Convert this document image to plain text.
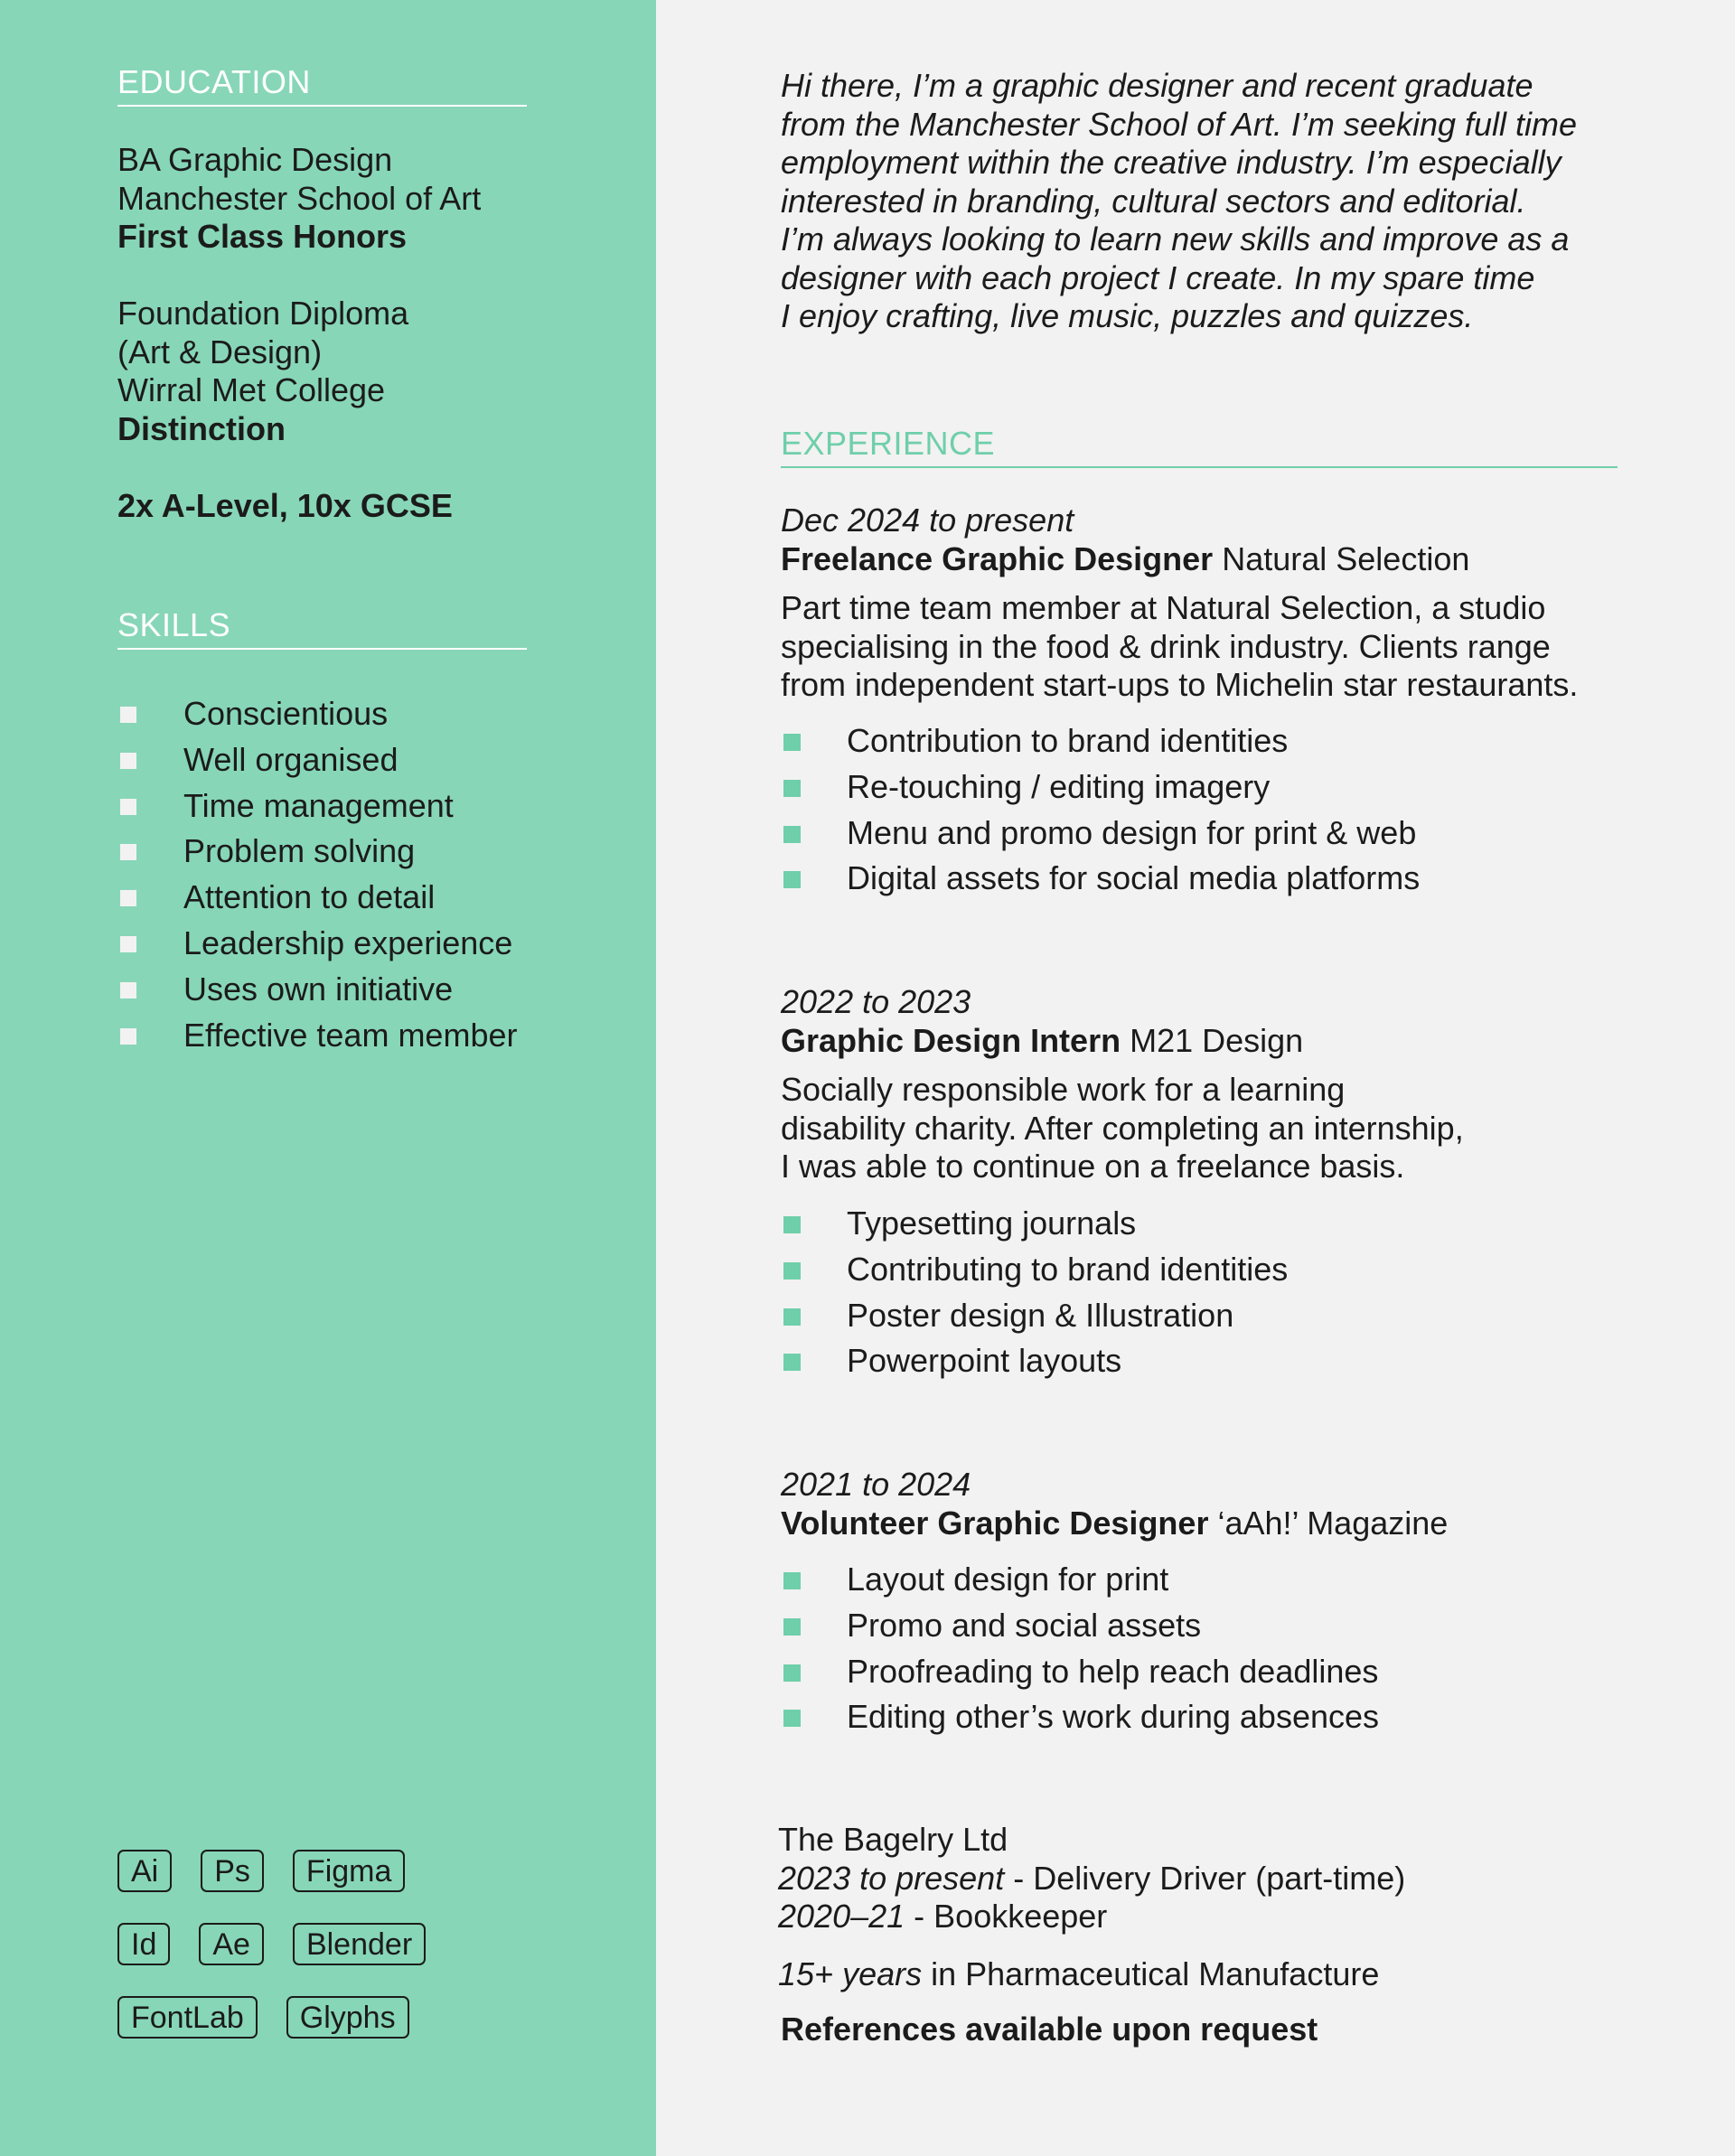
EDUCATION
BA Graphic Design
Manchester School of Art
First Class Honors
Foundation Diploma
(Art & Design)
Wirral Met College
Distinction
2x A-Level, 10x GCSE
SKILLS
Conscientious
Well organised
Time management
Problem solving
Attention to detail
Leadership experience
Uses own initiative
Effective team member
Ai	Ps	Figma
Id	Ae	Blender
FontLab	Glyphs
Hi there, I’m a graphic designer and recent graduate
from the Manchester School of Art. I’m seeking full time
employment within the creative industry. I’m especially
interested in branding, cultural sectors and editorial.
I’m always looking to learn new skills and improve as a
designer with each project I create. In my spare time
I enjoy crafting, live music, puzzles and quizzes.
EXPERIENCE
Dec 2024 to present
Freelance Graphic Designer Natural Selection
Part time team member at Natural Selection, a studio
specialising in the food & drink industry. Clients range
from independent start-ups to Michelin star restaurants.
Contribution to brand identities
Re-touching / editing imagery
Menu and promo design for print & web
Digital assets for social media platforms
2022 to 2023
Graphic Design Intern M21 Design
Socially responsible work for a learning
disability charity. After completing an internship,
I was able to continue on a freelance basis.
Typesetting journals
Contributing to brand identities
Poster design & Illustration
Powerpoint layouts
2021 to 2024
Volunteer Graphic Designer ‘aAh!’ Magazine
Layout design for print
Promo and social assets
Proofreading to help reach deadlines
Editing other’s work during absences
The Bagelry Ltd
2023 to present - Delivery Driver (part-time)
2020–21 - Bookkeeper
15+ years in Pharmaceutical Manufacture
References available upon request
